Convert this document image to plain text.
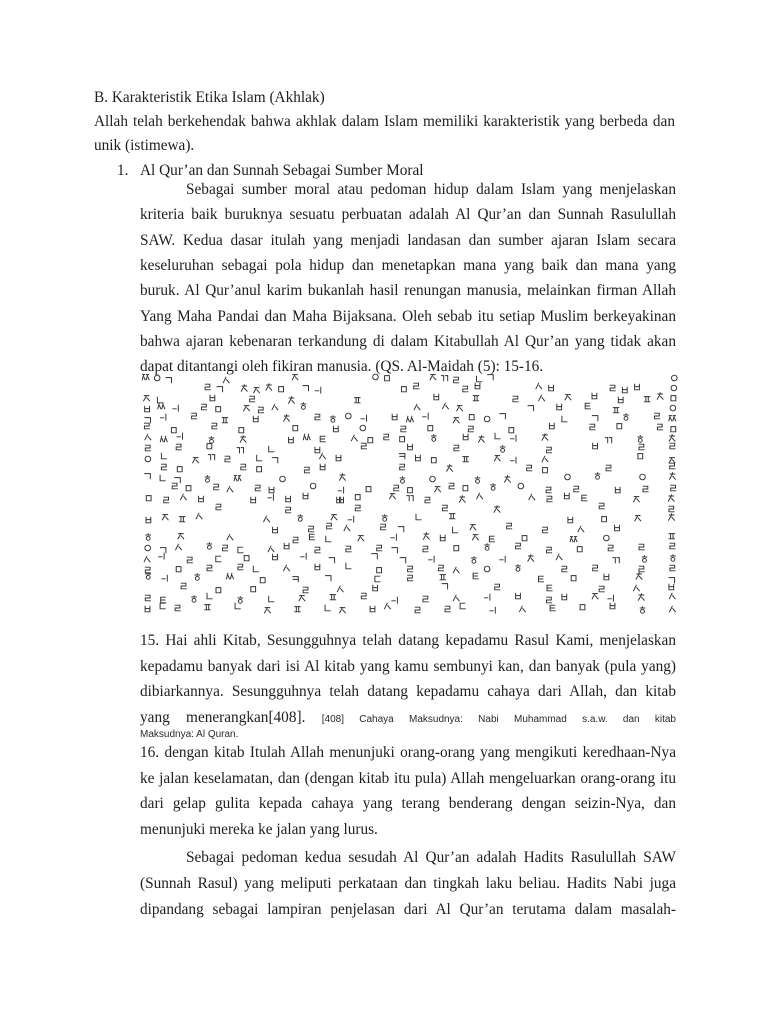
B. Karakteristik Etika Islam (Akhlak)
Allah telah berkehendak bahwa akhlak dalam Islam memiliki karakteristik yang berbeda dan
unik (istimewa).
1. Al Qur’an dan Sunnah Sebagai Sumber Moral
Sebagai sumber moral atau pedoman hidup dalam Islam yang menjelaskan
kriteria baik buruknya sesuatu perbuatan adalah Al Qur’an dan Sunnah Rasulullah
SAW. Kedua dasar itulah yang menjadi landasan dan sumber ajaran Islam secara
keseluruhan sebagai pola hidup dan menetapkan mana yang baik dan mana yang
buruk. Al Qur’anul karim bukanlah hasil renungan manusia, melainkan firman Allah
Yang Maha Pandai dan Maha Bijaksana. Oleh sebab itu setiap Muslim berkeyakinan
bahwa ajaran kebenaran terkandung di dalam Kitabullah Al Qur’an yang tidak akan
dapat ditantangi oleh fikiran manusia. (QS. Al-Maidah (5): 15-16.
15. Hai ahli Kitab, Sesungguhnya telah datang kepadamu Rasul Kami, menjelaskan
kepadamu banyak dari isi Al kitab yang kamu sembunyi kan, dan banyak (pula yang)
dibiarkannya. Sesungguhnya telah datang kepadamu cahaya dari Allah, dan kitab
yang menerangkan[408]. [408] Cahaya Maksudnya: Nabi Muhammad s.a.w. dan kitab
Maksudnya: Al Quran.
16. dengan kitab Itulah Allah menunjuki orang-orang yang mengikuti keredhaan-Nya
ke jalan keselamatan, dan (dengan kitab itu pula) Allah mengeluarkan orang-orang itu
dari gelap gulita kepada cahaya yang terang benderang dengan seizin-Nya, dan
menunjuki mereka ke jalan yang lurus.
Sebagai pedoman kedua sesudah Al Qur’an adalah Hadits Rasulullah SAW
(Sunnah Rasul) yang meliputi perkataan dan tingkah laku beliau. Hadits Nabi juga
dipandang sebagai lampiran penjelasan dari Al Qur’an terutama dalam masalah-
